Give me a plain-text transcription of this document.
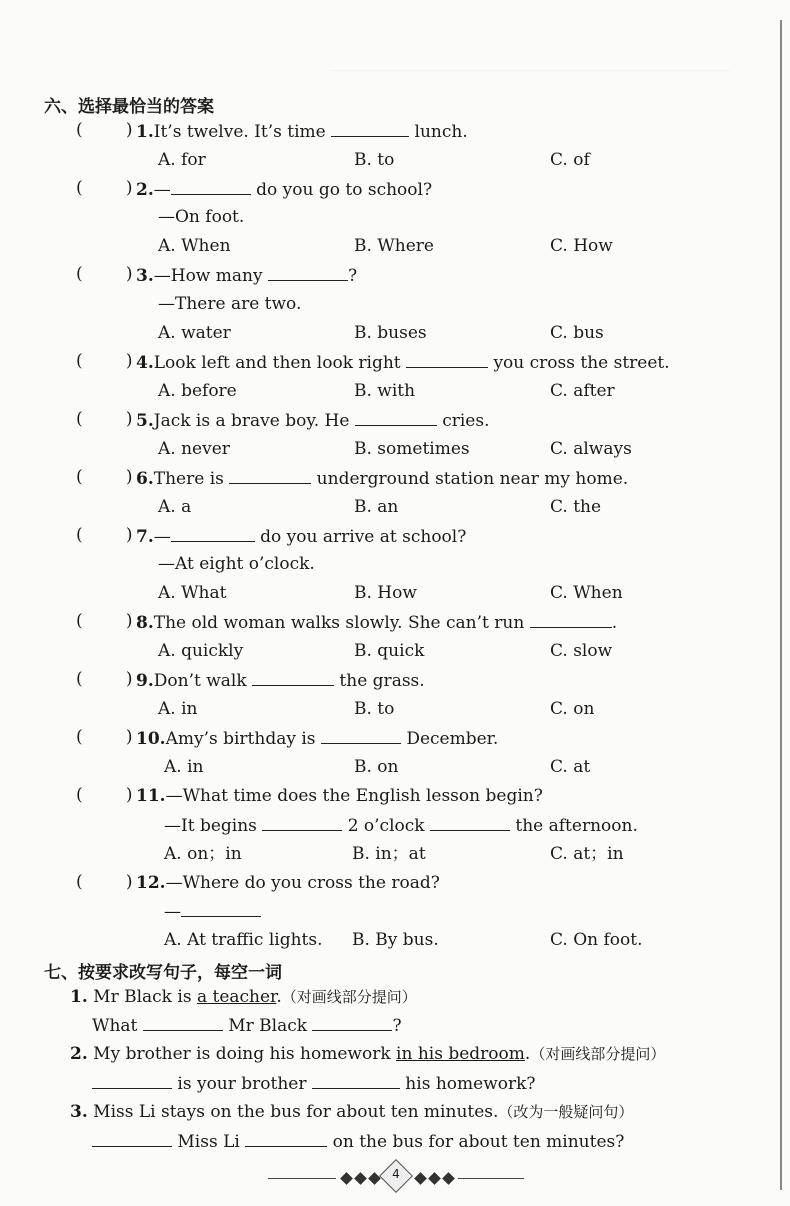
六、选择最恰当的答案
(        ) 1.It’s twelve. It’s time	lunch.
A. for	B. to	C. of
(        ) 2.—	do you go to school?
—On foot.
A. When	B. Where	C. How
(        ) 3.—How many	?
—There are two.
A. water	B. buses	C. bus
(        ) 4.Look left and then look right	you cross the street.
A. before	B. with	C. after
(        ) 5.Jack is a brave boy. He	cries.
A. never	B. sometimes	C. always
(        ) 6.There is	underground station near my home.
A. a	B. an	C. the
(        ) 7.—	do you arrive at school?
—At eight o’clock.
A. What	B. How	C. When
(        ) 8.The old woman walks slowly. She can’t run	.
A. quickly	B. quick	C. slow
(        ) 9.Don’t walk	the grass.
A. in	B. to	C. on
(        ) 10.Amy’s birthday is	December.
A. in	B. on	C. at
(        ) 11.—What time does the English lesson begin?
—It begins	2 o’clock	the afternoon.
A. on；in	B. in；at	C. at；in
(        ) 12.—Where do you cross the road?
—
A. At traffic lights. B. By bus.	C. On foot.
七、按要求改写句子，每空一词
1. Mr Black is a teacher.（对画线部分提问）
What	Mr Black	?
2. My brother is doing his homework in his bedroom.（对画线部分提问）
is your brother	his homework?
3. Miss Li stays on the bus for about ten minutes.（改为一般疑问句）
Miss Li	on the bus for about ten minutes?
4
